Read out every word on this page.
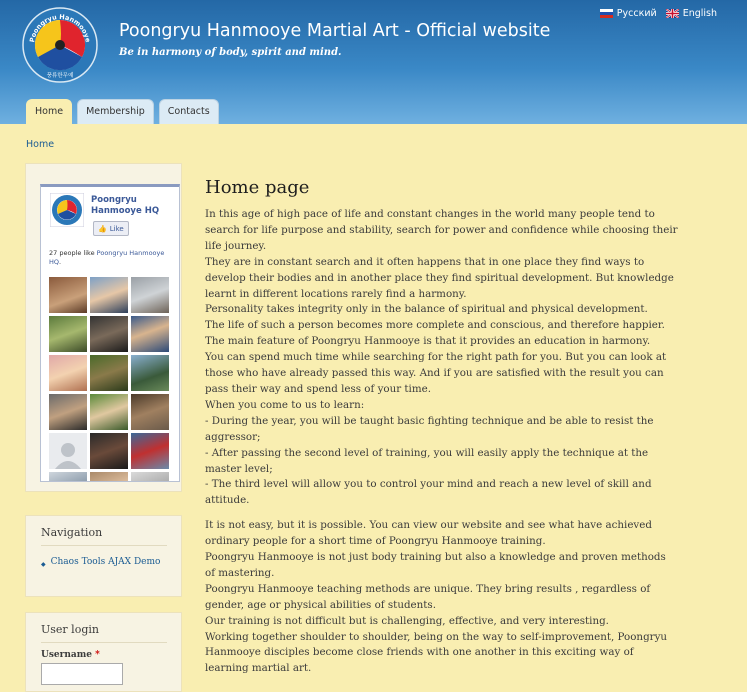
Poongryu Hanmooye
풍류한무예
Poongryu Hanmooye Martial Art - Official website
Be in harmony of body, spirit and mind.
Русский	English
Home	Membership	Contacts
Home
Poongryu Hanmooye HQ
👍 Like
27 people like Poongryu Hanmooye HQ.
Navigation
◆ Chaos Tools AJAX Demo
User login
Username *
Home page
In this age of high pace of life and constant changes in the world many people tend to
search for life purpose and stability, search for power and confidence while choosing their
life journey.
They are in constant search and it often happens that in one place they find ways to
develop their bodies and in another place they find spiritual development. But knowledge
learnt in different locations rarely find a harmony.
Personality takes integrity only in the balance of spiritual and physical development.
The life of such a person becomes more complete and conscious, and therefore happier.
The main feature of Poongryu Hanmooye is that it provides an education in harmony.
You can spend much time while searching for the right path for you. But you can look at
those who have already passed this way. And if you are satisfied with the result you can
pass their way and spend less of your time.
When you come to us to learn:
- During the year, you will be taught basic fighting technique and be able to resist the
aggressor;
- After passing the second level of training, you will easily apply the technique at the
master level;
- The third level will allow you to control your mind and reach a new level of skill and
attitude.
It is not easy, but it is possible. You can view our website and see what have achieved
ordinary people for a short time of Poongryu Hanmooye training.
Poongryu Hanmooye is not just body training but also a knowledge and proven methods
of mastering.
Poongryu Hanmooye teaching methods are unique. They bring results , regardless of
gender, age or physical abilities of students.
Our training is not difficult but is challenging, effective, and very interesting.
Working together shoulder to shoulder, being on the way to self-improvement, Poongryu
Hanmooye disciples become close friends with one another in this exciting way of
learning martial art.
